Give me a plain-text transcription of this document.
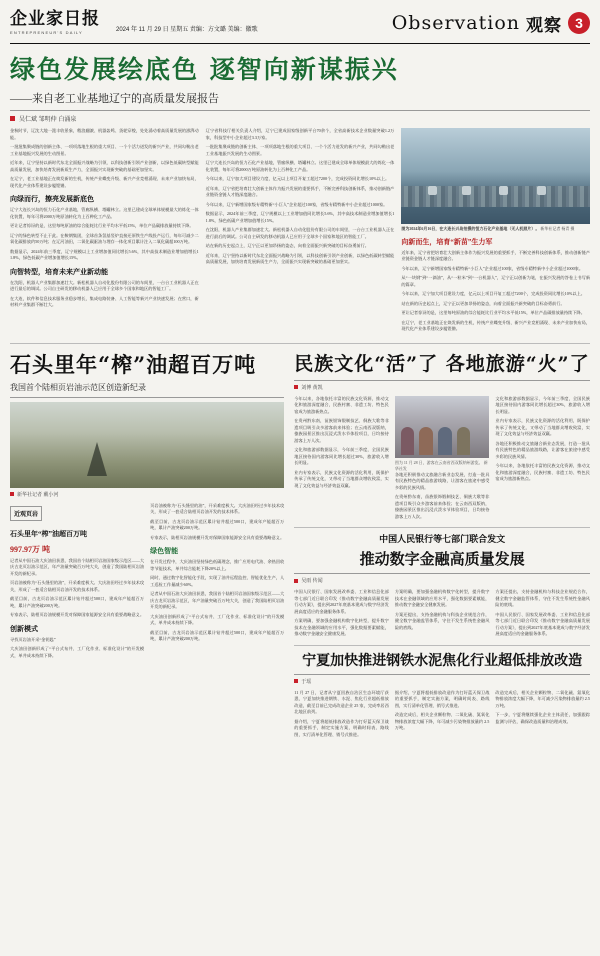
企业家日报
ENTREPRENEUR'S DAILY	2024 年 11 月 29 日 星期五 责编：方文璐 美编：徽歌	Observation 观察 3
绿色发展绘底色 逐智向新谋振兴
——来自老工业基地辽宁的高质量发展报告
吴仁斌 邹明仲 白涌泉

金秋时节，辽沈大地一派丰收景象，稻浪翻滚、机器轰鸣、货轮穿梭，处处涌动着高质量发展的澎湃动能。

一批批集聚成链的创新主体、一项项落地生根的重大项目、一个个活力迸发的新兴产业，共同勾勒出老工业基地振兴发展的生动图景。

近年来，辽宁坚持以新时代东北全面振兴战略为引领，以科技创新引领产业创新，以绿色低碳转型赋能高质量发展，加快培育发展新质生产力，全面振兴实现新突破的基础更加坚实。

在辽宁，老工业基地正在焕发新的生机，传统产业蝶变升级、新兴产业竞相涌现、未来产业加快布局，现代化产业体系建设步履铿锵。

向绿而行，擦亮发展新底色

辽宁大连长兴岛的恒力石化产业基地，管廊纵横、塔罐林立。这里已建成全球单体规模最大的炼化一体化装置，每年可将2000万吨原油转化为上百种化工产品。

更让记者惊讶的是，这里每吨原油的综合能耗比行业平均水平低15%，单位产品碳排放量持续下降。

辽宁的绿色转型不止于此。在鞍钢集团，全球首条氢基竖炉直接还原铁生产线投产运行，每年可减少二氧化碳排放约50万吨；在辽河油田，二氧化碳驱油与埋存一体化项目累计注入二氧化碳超100万吨。

数据显示，2024年前三季度，辽宁规模以上工业增加值同比增长5.6%，其中高技术制造业增加值增长11.8%，绿色低碳产业增加值增长15%。

向智转型，培育未来产业新动能

在沈阳，机器人产业集群加速壮大。新松机器人自动化股份有限公司的车间里，一台台工业机器人正在进行最后的调试。公司自主研发的移动机器人已应用于全球多个国家和地区的智能工厂。

在大连，软件和信息技术服务业稳步增长，集成电路装备、人工智能等新兴产业快速发展；在营口，新材料产业集群不断壮大。

辽宁省科技厅相关负责人介绍，辽宁已建成国家级创新平台70余个，全省高新技术企业数量突破1.2万家，科技型中小企业超过3.3万家。

一批批集聚成链的创新主体、一项项落地生根的重大项目、一个个活力迸发的新兴产业，共同勾勒出老工业基地振兴发展的生动图景。

辽宁大连长兴岛的恒力石化产业基地，管廊纵横、塔罐林立。这里已建成全球单体规模最大的炼化一体化装置，每年可将2000万吨原油转化为上百种化工产品。

今年以来，辽宁加大项目建设力度，亿元以上项目开复工超过7200个，完成投资同比增长10%以上。

近年来，辽宁省把培育壮大创新主体作为振兴发展的重要抓手，不断完善科技创新体系，推动创新链产业链资金链人才链深度融合。

今年以来，辽宁新增国家级专精特新“小巨人”企业超过100家，省级专精特新中小企业超过1000家。

数据显示，2024年前三季度，辽宁规模以上工业增加值同比增长5.6%，其中高技术制造业增加值增长11.8%，绿色低碳产业增加值增长15%。

在沈阳，机器人产业集群加速壮大。新松机器人自动化股份有限公司的车间里，一台台工业机器人正在进行最后的调试。公司自主研发的移动机器人已应用于全球多个国家和地区的智能工厂。

站在新的历史起点上，辽宁正以更加昂扬的姿态，向着全面振兴新突破的目标奋勇前行。

近年来，辽宁坚持以新时代东北全面振兴战略为引领，以科技创新引领产业创新，以绿色低碳转型赋能高质量发展，加快培育发展新质生产力，全面振兴实现新突破的基础更加坚实。

图为2024年6月16日，在大连长兴岛拍摄的恒力石化产业基地（无人机照片）。 新华社记者 杨青 摄
向新而生，培育“新苗”生力军

近年来，辽宁省把培育壮大创新主体作为振兴发展的重要抓手，不断完善科技创新体系，推动创新链产业链资金链人才链深度融合。

今年以来，辽宁新增国家级专精特新“小巨人”企业超过100家，省级专精特新中小企业超过1000家。

从“一块钢”到“一滴油”，从“一粒米”到“一台机器人”，辽宁正以创新为笔，在振兴发展的答卷上书写新的篇章。

今年以来，辽宁加大项目建设力度，亿元以上项目开复工超过7200个，完成投资同比增长10%以上。

站在新的历史起点上，辽宁正以更加昂扬的姿态，向着全面振兴新突破的目标奋勇前行。

更让记者惊讶的是，这里每吨原油的综合能耗比行业平均水平低15%，单位产品碳排放量持续下降。

在辽宁，老工业基地正在焕发新的生机，传统产业蝶变升级、新兴产业竞相涌现、未来产业加快布局，现代化产业体系建设步履铿锵。

石头里年“榨”油超百万吨

我国首个陆相页岩油示范区创造新纪录

新华社记者 戴小河
近观页岩
石头里年“榨”油超百万吨
997.97万 吨

记者从中国石油大庆油田获悉，我国首个陆相页岩油国家级示范区——大庆古龙页岩油示范区，年产油量突破百万吨大关，创造了我国陆相页岩油开发的新纪录。

页岩油被称为“石头缝里的油”，开采难度极大。大庆油田经过多年技术攻关，形成了一套适合陆相页岩油开发的技术体系。

截至目前，古龙页岩油示范区累计钻井超过500口，建成年产能超百万吨，累计产油突破200万吨。

专家表示，陆相页岩油规模开发对保障国家能源安全具有重要战略意义。

创新模式

寻找页岩油开采“金钥匙”

大庆油田创新形成了“平台式布井、工厂化作业、标准化设计”的开发模式，单井成本持续下降。

页岩油被称为“石头缝里的油”，开采难度极大。大庆油田经过多年技术攻关，形成了一套适合陆相页岩油开发的技术体系。

截至目前，古龙页岩油示范区累计钻井超过500口，建成年产能超百万吨，累计产油突破200万吨。

专家表示，陆相页岩油规模开发对保障国家能源安全具有重要战略意义。

绿色智能

在开发过程中，大庆油田坚持绿色低碳理念，推广应用电代油、余热回收等节能技术，单井综合能耗下降20%以上。

同时，通过数字化智能化手段，实现了油井远程监控、智能优化生产，人工巡检工作量减少60%。

记者从中国石油大庆油田获悉，我国首个陆相页岩油国家级示范区——大庆古龙页岩油示范区，年产油量突破百万吨大关，创造了我国陆相页岩油开发的新纪录。

大庆油田创新形成了“平台式布井、工厂化作业、标准化设计”的开发模式，单井成本持续下降。

截至目前，古龙页岩油示范区累计钻井超过500口，建成年产能超百万吨，累计产油突破200万吨。

民族文化“活”了 各地旅游“火”了
刘博 黄凯

今年以来，各地依托丰富的民族文化资源，推动文化和旅游深度融合，民族村寨、非遗工坊、特色民宿成为旅游新热点。

在贵州黔东南，苗族银饰锻制技艺、侗族大歌等非遗项目吸引众多游客前来体验；在云南西双版纳，傣族园景区推出沉浸式泼水节体验项目，日均接待游客上万人次。

文化和旅游部数据显示，今年前三季度，全国民族地区接待国内游客同比增长超过30%，旅游收入增长明显。

业内专家表示，民族文化资源的活化利用，既保护传承了传统文化，又带动了当地群众增收致富，实现了文化效益与经济效益双赢。

图为 11 月 28 日，游客在云南省西双版纳州游览。 新华社发

各地还积极推动文旅融合新业态发展，打造一批具有民族特色的精品旅游线路，让游客在旅途中感受多彩的民族风情。

在贵州黔东南，苗族银饰锻制技艺、侗族大歌等非遗项目吸引众多游客前来体验；在云南西双版纳，傣族园景区推出沉浸式泼水节体验项目，日均接待游客上万人次。

文化和旅游部数据显示，今年前三季度，全国民族地区接待国内游客同比增长超过30%，旅游收入增长明显。

业内专家表示，民族文化资源的活化利用，既保护传承了传统文化，又带动了当地群众增收致富，实现了文化效益与经济效益双赢。

各地还积极推动文旅融合新业态发展，打造一批具有民族特色的精品旅游线路，让游客在旅途中感受多彩的民族风情。

今年以来，各地依托丰富的民族文化资源，推动文化和旅游深度融合，民族村寨、非遗工坊、特色民宿成为旅游新热点。

中国人民银行等七部门联合发文

推动数字金融高质量发展

吴雨 传闻

中国人民银行、国家发展改革委、工业和信息化部等七部门近日联合印发《推动数字金融高质量发展行动方案》，提出到2027年底基本建成与数字经济发展高度适应的金融服务体系。

方案明确，要加强金融机构数字化转型，提升数字技术在金融领域的应用水平，强化数据要素赋能，推动数字金融安全健康发展。

方案明确，要加强金融机构数字化转型，提升数字技术在金融领域的应用水平，强化数据要素赋能，推动数字金融安全健康发展。

方案还提出，支持金融机构与科技企业规范合作，健全数字金融监管体系，守住不发生系统性金融风险的底线。

方案还提出，支持金融机构与科技企业规范合作，健全数字金融监管体系，守住不发生系统性金融风险的底线。

中国人民银行、国家发展改革委、工业和信息化部等七部门近日联合印发《推动数字金融高质量发展行动方案》，提出到2027年底基本建成与数字经济发展高度适应的金融服务体系。

宁夏加快推进钢铁水泥焦化行业超低排放改造

于瑶

11 月 27 日，记者从宁夏回族自治区生态环境厅获悉，宁夏加快推进钢铁、水泥、焦化行业超低排放改造，截至目前已完成改造企业 25 家，完成率居西北地区前列。

据介绍，宁夏将超低排放改造作为打好蓝天保卫战的重要抓手，制定实施方案，明确时间表、路线图，实行清单化管理、销号式推进。

据介绍，宁夏将超低排放改造作为打好蓝天保卫战的重要抓手，制定实施方案，明确时间表、路线图，实行清单化管理、销号式推进。

改造完成后，相关企业颗粒物、二氧化硫、氮氧化物排放浓度大幅下降，年可减少污染物排放量约 2.5 万吨。

改造完成后，相关企业颗粒物、二氧化硫、氮氧化物排放浓度大幅下降，年可减少污染物排放量约 2.5 万吨。

下一步，宁夏将继续强化企业主体责任，加强跟踪监测与评估，确保改造质量和治理成效。
